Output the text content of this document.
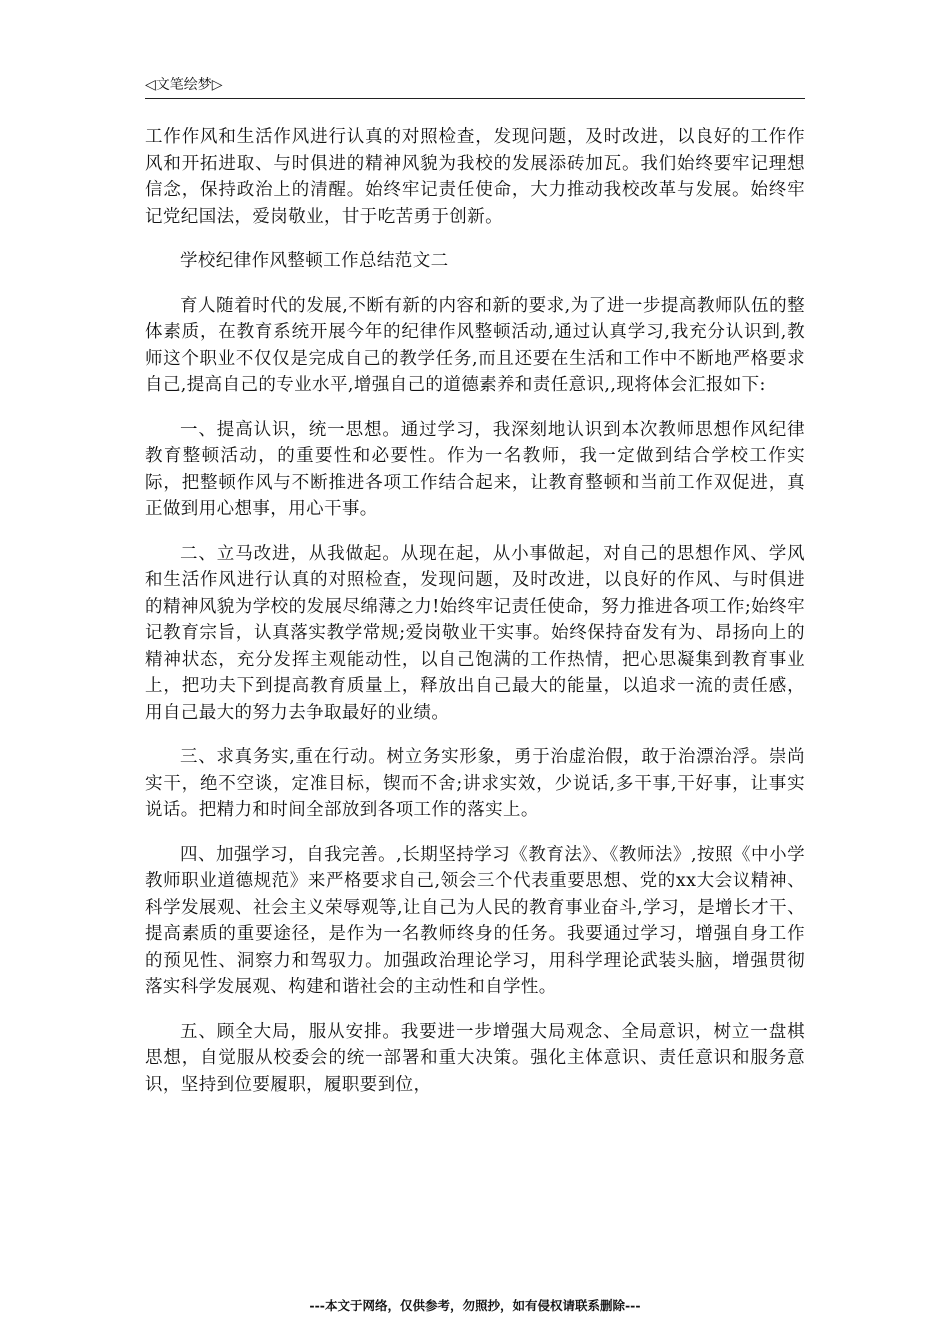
◁文笔绘梦▷

工作作风和生活作风进行认真的对照检查，发现问题，及时改进，以良好的工作作风和开拓进取、与时俱进的精神风貌为我校的发展添砖加瓦。我们始终要牢记理想信念，保持政治上的清醒。始终牢记责任使命，大力推动我校改革与发展。始终牢记党纪国法，爱岗敬业，甘于吃苦勇于创新。

学校纪律作风整顿工作总结范文二

育人随着时代的发展,不断有新的内容和新的要求,为了进一步提高教师队伍的整体素质，在教育系统开展今年的纪律作风整顿活动,通过认真学习,我充分认识到,教师这个职业不仅仅是完成自己的教学任务,而且还要在生活和工作中不断地严格要求自己,提高自己的专业水平,增强自己的道德素养和责任意识,,现将体会汇报如下:

一、提高认识，统一思想。通过学习，我深刻地认识到本次教师思想作风纪律教育整顿活动，的重要性和必要性。作为一名教师，我一定做到结合学校工作实际，把整顿作风与不断推进各项工作结合起来，让教育整顿和当前工作双促进，真正做到用心想事，用心干事。

二、立马改进，从我做起。从现在起，从小事做起，对自己的思想作风、学风和生活作风进行认真的对照检查，发现问题，及时改进，以良好的作风、与时俱进的精神风貌为学校的发展尽绵薄之力!始终牢记责任使命，努力推进各项工作;始终牢记教育宗旨，认真落实教学常规;爱岗敬业干实事。始终保持奋发有为、昂扬向上的精神状态，充分发挥主观能动性，以自己饱满的工作热情，把心思凝集到教育事业上，把功夫下到提高教育质量上，释放出自己最大的能量，以追求一流的责任感，用自己最大的努力去争取最好的业绩。

三、求真务实,重在行动。树立务实形象，勇于治虚治假，敢于治漂治浮。崇尚实干，绝不空谈，定准目标，锲而不舍;讲求实效，少说话,多干事,干好事，让事实说话。把精力和时间全部放到各项工作的落实上。

四、加强学习，自我完善。,长期坚持学习《教育法》、《教师法》,按照《中小学教师职业道德规范》来严格要求自己,领会三个代表重要思想、党的xx大会议精神、科学发展观、社会主义荣辱观等,让自己为人民的教育事业奋斗,学习，是增长才干、提高素质的重要途径，是作为一名教师终身的任务。我要通过学习，增强自身工作的预见性、洞察力和驾驭力。加强政治理论学习，用科学理论武装头脑，增强贯彻落实科学发展观、构建和谐社会的主动性和自学性。

五、顾全大局，服从安排。我要进一步增强大局观念、全局意识，树立一盘棋思想，自觉服从校委会的统一部署和重大决策。强化主体意识、责任意识和服务意识，坚持到位要履职，履职要到位，

---本文于网络，仅供参考，勿照抄，如有侵权请联系删除---
